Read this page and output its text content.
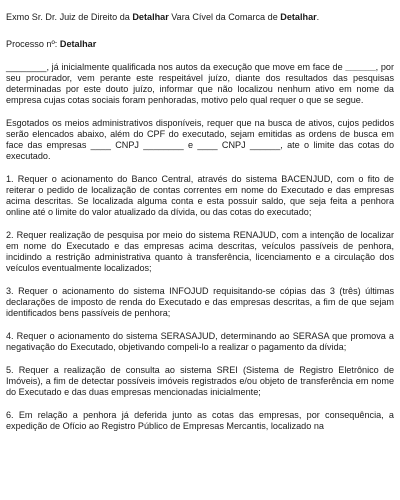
Exmo Sr. Dr. Juiz de Direito da Detalhar Vara Cível da Comarca de Detalhar.

Processo nº: Detalhar

________, já inicialmente qualificada nos autos da execução que move em face de ______, por seu procurador, vem perante este respeitável juízo, diante dos resultados das pesquisas determinadas por este douto juízo, informar que não localizou nenhum ativo em nome da empresa cujas cotas sociais foram penhoradas, motivo pelo qual requer o que se segue.

Esgotados os meios administrativos disponíveis, requer que na busca de ativos, cujos pedidos serão elencados abaixo, além do CPF do executado, sejam emitidas as ordens de busca em face das empresas ____ CNPJ ________ e ____ CNPJ ______, ate o limite das cotas do executado.

1. Requer o acionamento do Banco Central, através do sistema BACENJUD, com o fito de reiterar o pedido de localização de contas correntes em nome do Executado e das empresas acima descritas. Se localizada alguma conta e esta possuir saldo, que seja feita a penhora online até o limite do valor atualizado da dívida, ou das cotas do executado;

2. Requer realização de pesquisa por meio do sistema RENAJUD, com a intenção de localizar em nome do Executado e das empresas acima descritas, veículos passíveis de penhora, incidindo a restrição administrativa quanto à transferência, licenciamento e a circulação dos veículos eventualmente localizados;

3. Requer o acionamento do sistema INFOJUD requisitando-se cópias das 3 (três) últimas declarações de imposto de renda do Executado e das empresas descritas, a fim de que sejam identificados bens passíveis de penhora;

4. Requer o acionamento do sistema SERASAJUD, determinando ao SERASA que promova a negativação do Executado, objetivando compeli-lo a realizar o pagamento da dívida;

5. Requer a realização de consulta ao sistema SREI (Sistema de Registro Eletrônico de Imóveis), a fim de detectar possíveis imóveis registrados e/ou objeto de transferência em nome do Executado e das duas empresas mencionadas inicialmente;

6. Em relação a penhora já deferida junto as cotas das empresas, por consequência, a expedição de Ofício ao Registro Público de Empresas Mercantis, localizado na
